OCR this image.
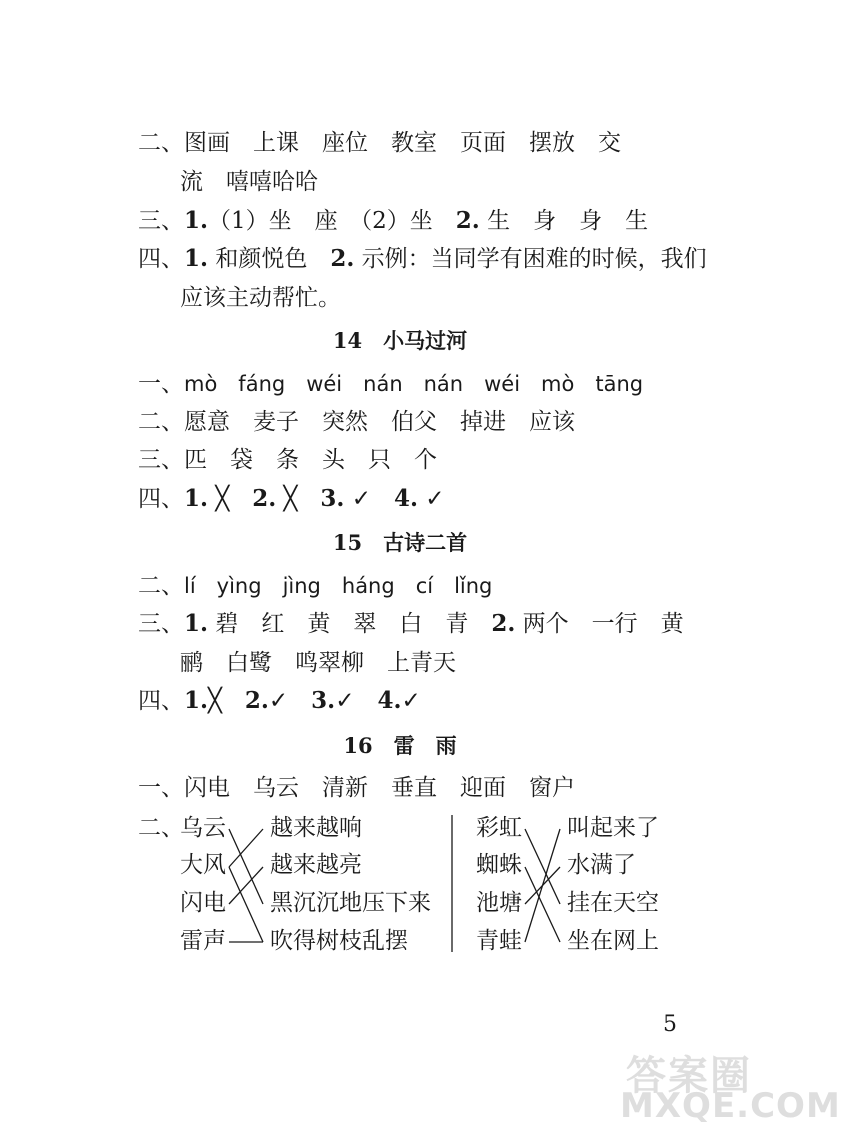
二、图画　上课　座位　教室　页面　摆放　交
流　嘻嘻哈哈
三、1.（1）坐　座　（2）坐　2. 生　身　身　生
四、1. 和颜悦色　2. 示例：当同学有困难的时候，我们
应该主动帮忙。
14　小马过河
一、mò　fáng　wéi　nán　nán　wéi　mò　tāng
二、愿意　麦子　突然　伯父　掉进　应该
三、匹　袋　条　头　只　个
四、1. ╳　2. ╳　3. ✓　4. ✓
15　古诗二首
二、lí　yìng　jìng　háng　cí　lǐng
三、1. 碧　红　黄　翠　白　青　2. 两个　一行　黄
鹂　白鹭　鸣翠柳　上青天
四、1.╳　2.✓　3.✓　4.✓
16　雷　雨
一、闪电　乌云　清新　垂直　迎面　窗户
二、
乌云
大风
闪电
雷声
越来越响
越来越亮
黑沉沉地压下来
吹得树枝乱摆
彩虹
蜘蛛
池塘
青蛙
叫起来了
水满了
挂在天空
坐在网上
5

答案圈

MXQE.COM
